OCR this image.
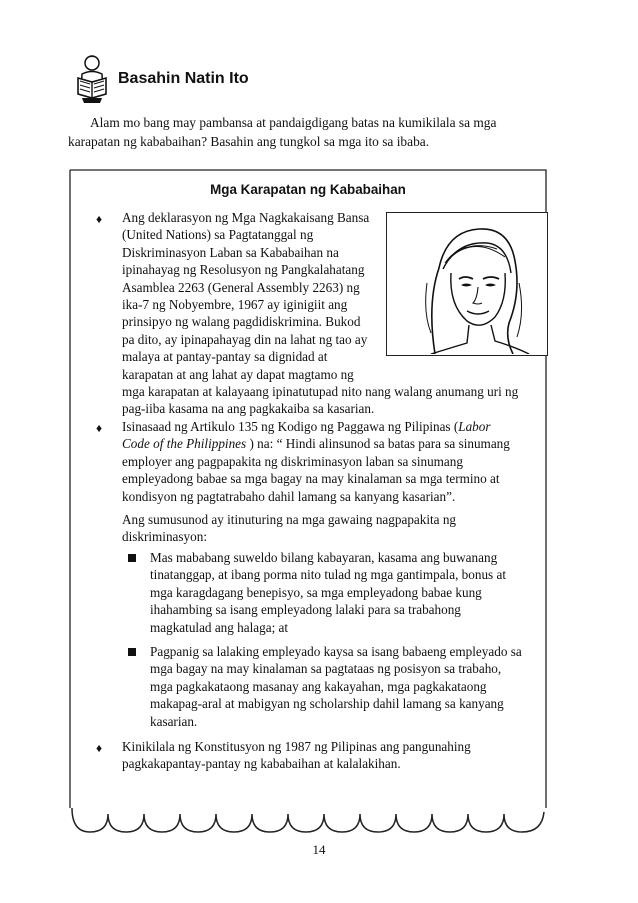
Basahin Natin Ito
Alam mo bang may pambansa at pandaigdigang batas na kumikilala sa mga
karapatan ng kababaihan? Basahin ang tungkol sa mga ito sa ibaba.
Mga Karapatan ng Kababaihan
♦ Ang deklarasyon ng Mga Nagkakaisang Bansa
(United Nations) sa Pagtatanggal ng
Diskriminasyon Laban sa Kababaihan na
ipinahayag ng Resolusyon ng Pangkalahatang
Asamblea 2263 (General Assembly 2263) ng
ika-7 ng Nobyembre, 1967 ay iginigiit ang
prinsipyo ng walang pagdidiskrimina. Bukod
pa dito, ay ipinapahayag din na lahat ng tao ay
malaya at pantay-pantay sa dignidad at
karapatan at ang lahat ay dapat magtamo ng
mga karapatan at kalayaang ipinatutupad nito nang walang anumang uri ng
pag-iiba kasama na ang pagkakaiba sa kasarian.
♦ Isinasaad ng Artikulo 135 ng Kodigo ng Paggawa ng Pilipinas (Labor
Code of the Philippines ) na: “ Hindi alinsunod sa batas para sa sinumang
employer ang pagpapakita ng diskriminasyon laban sa sinumang
empleyadong babae sa mga bagay na may kinalaman sa mga termino at
kondisyon ng pagtatrabaho dahil lamang sa kanyang kasarian”.
Ang sumusunod ay itinuturing na mga gawaing nagpapakita ng
diskriminasyon:
Mas mababang suweldo bilang kabayaran, kasama ang buwanang
tinatanggap, at ibang porma nito tulad ng mga gantimpala, bonus at
mga karagdagang benepisyo, sa mga empleyadong babae kung
ihahambing sa isang empleyadong lalaki para sa trabahong
magkatulad ang halaga; at
Pagpanig sa lalaking empleyado kaysa sa isang babaeng empleyado sa
mga bagay na may kinalaman sa pagtataas ng posisyon sa trabaho,
mga pagkakataong masanay ang kakayahan, mga pagkakataong
makapag-aral at mabigyan ng scholarship dahil lamang sa kanyang
kasarian.
♦ Kinikilala ng Konstitusyon ng 1987 ng Pilipinas ang pangunahing
pagkakapantay-pantay ng kababaihan at kalalakihan.
14
